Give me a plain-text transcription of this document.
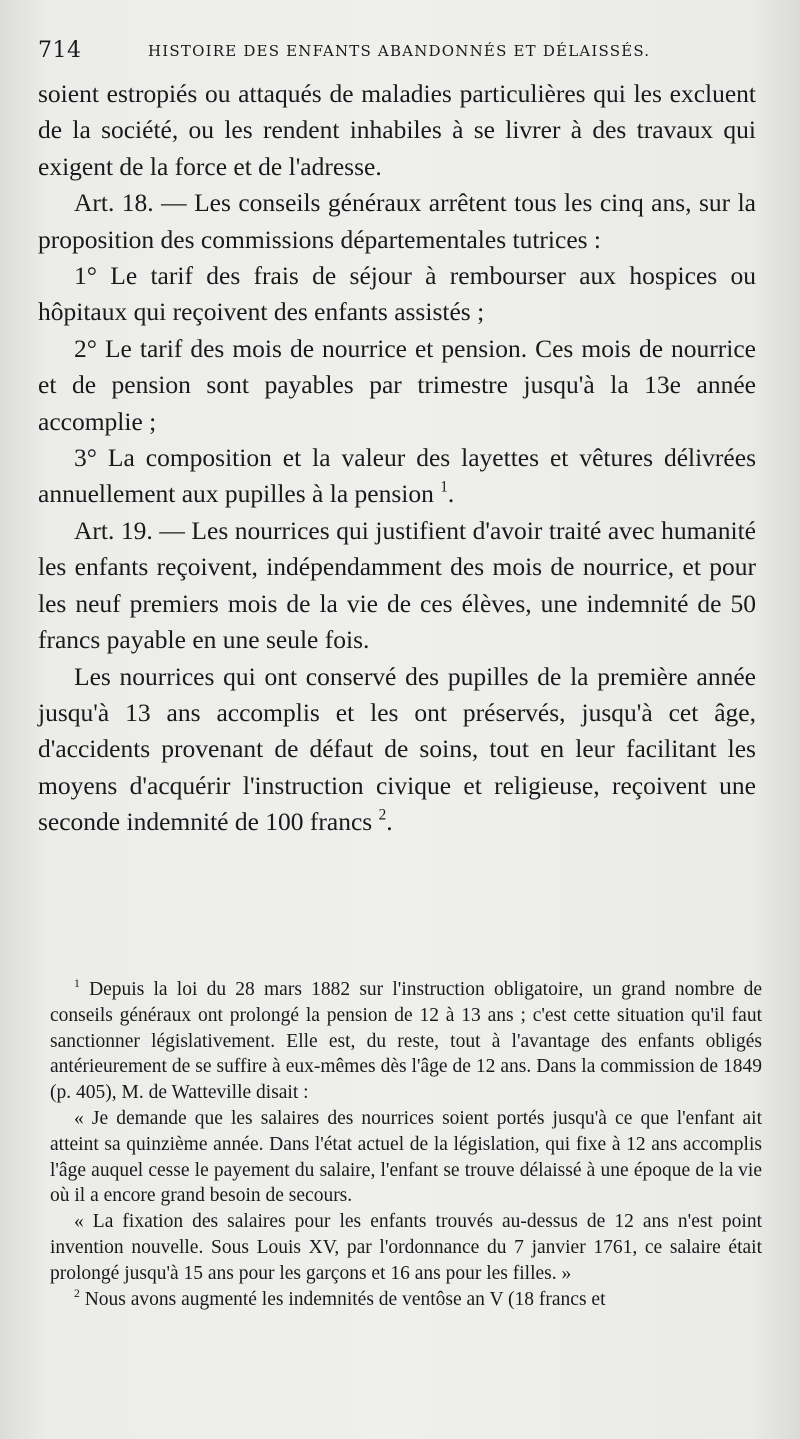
714	HISTOIRE DES ENFANTS ABANDONNÉS ET DÉLAISSÉS.

soient estropiés ou attaqués de maladies particulières qui les excluent de la société, ou les rendent inhabiles à se livrer à des travaux qui exigent de la force et de l'adresse.

Art. 18. — Les conseils généraux arrêtent tous les cinq ans, sur la proposition des commissions départementales tutrices :

1° Le tarif des frais de séjour à rembourser aux hospices ou hôpitaux qui reçoivent des enfants assistés ;

2° Le tarif des mois de nourrice et pension. Ces mois de nourrice et de pension sont payables par trimestre jusqu'à la 13e année accomplie ;

3° La composition et la valeur des layettes et vêtures délivrées annuellement aux pupilles à la pension $^1$.

Art. 19. — Les nourrices qui justifient d'avoir traité avec humanité les enfants reçoivent, indépendamment des mois de nourrice, et pour les neuf premiers mois de la vie de ces élèves, une indemnité de 50 francs payable en une seule fois.

Les nourrices qui ont conservé des pupilles de la première année jusqu'à 13 ans accomplis et les ont préservés, jusqu'à cet âge, d'accidents provenant de défaut de soins, tout en leur facilitant les moyens d'acquérir l'instruction civique et religieuse, reçoivent une seconde indemnité de 100 francs $^2$.

$^1$ Depuis la loi du 28 mars 1882 sur l'instruction obligatoire, un grand nombre de conseils généraux ont prolongé la pension de 12 à 13 ans ; c'est cette situation qu'il faut sanctionner législativement. Elle est, du reste, tout à l'avantage des enfants obligés antérieurement de se suffire à eux-mêmes dès l'âge de 12 ans. Dans la commission de 1849 (p. 405), M. de Watteville disait :

« Je demande que les salaires des nourrices soient portés jusqu'à ce que l'enfant ait atteint sa quinzième année. Dans l'état actuel de la législation, qui fixe à 12 ans accomplis l'âge auquel cesse le payement du salaire, l'enfant se trouve délaissé à une époque de la vie où il a encore grand besoin de secours.

« La fixation des salaires pour les enfants trouvés au-dessus de 12 ans n'est point invention nouvelle. Sous Louis XV, par l'ordonnance du 7 janvier 1761, ce salaire était prolongé jusqu'à 15 ans pour les garçons et 16 ans pour les filles. »

$^2$ Nous avons augmenté les indemnités de ventôse an V (18 francs et
